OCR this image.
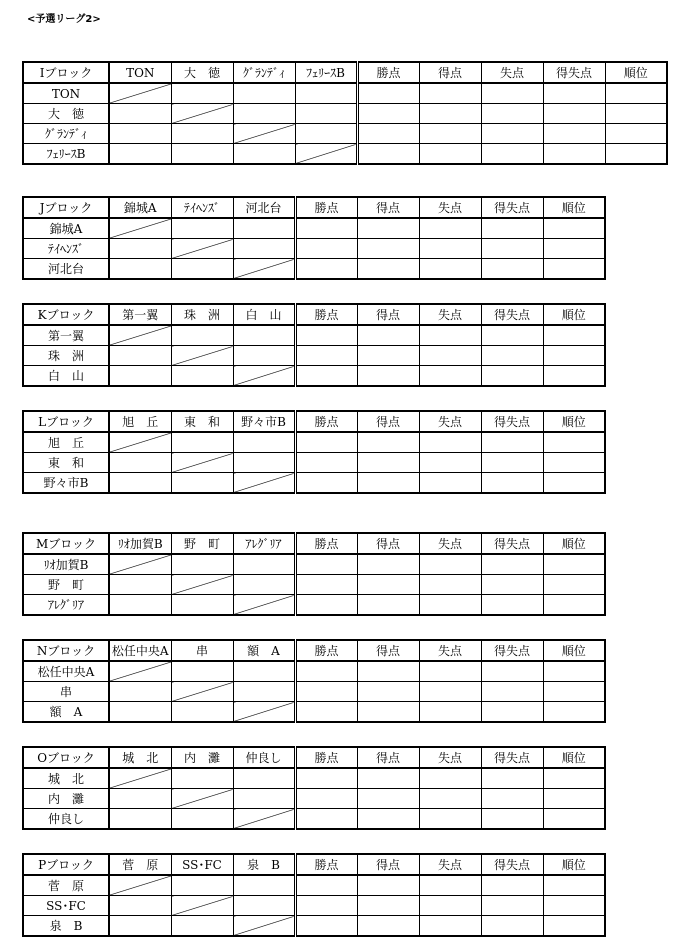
<予選リーグ2>
Iブロック	TON	大　徳	ｸﾞﾗﾝﾃﾞｨ	ﾌｪﾘｰｽB	勝点	得点	失点	得失点	順位
TON									
大　徳									
ｸﾞﾗﾝﾃﾞｨ									
ﾌｪﾘｰｽB									
Jブロック	錦城A	ﾃｲﾍﾝｽﾞ	河北台	勝点	得点	失点	得失点	順位
錦城A								
ﾃｲﾍﾝｽﾞ								
河北台								
Kブロック	第一翼	珠　洲	白　山	勝点	得点	失点	得失点	順位
第一翼								
珠　洲								
白　山								
Lブロック	旭　丘	東　和	野々市B	勝点	得点	失点	得失点	順位
旭　丘								
東　和								
野々市B								
Mブロック	ﾘｵ加賀B	野　町	ｱﾚｸﾞﾘｱ	勝点	得点	失点	得失点	順位
ﾘｵ加賀B								
野　町								
ｱﾚｸﾞﾘｱ								
Nブロック	松任中央A	串	額　A	勝点	得点	失点	得失点	順位
松任中央A								
串								
額　A								
Oブロック	城　北	内　灘	仲良し	勝点	得点	失点	得失点	順位
城　北								
内　灘								
仲良し								
Pブロック	菅　原	SS･FC	泉　B	勝点	得点	失点	得失点	順位
菅　原								
SS･FC								
泉　B								
